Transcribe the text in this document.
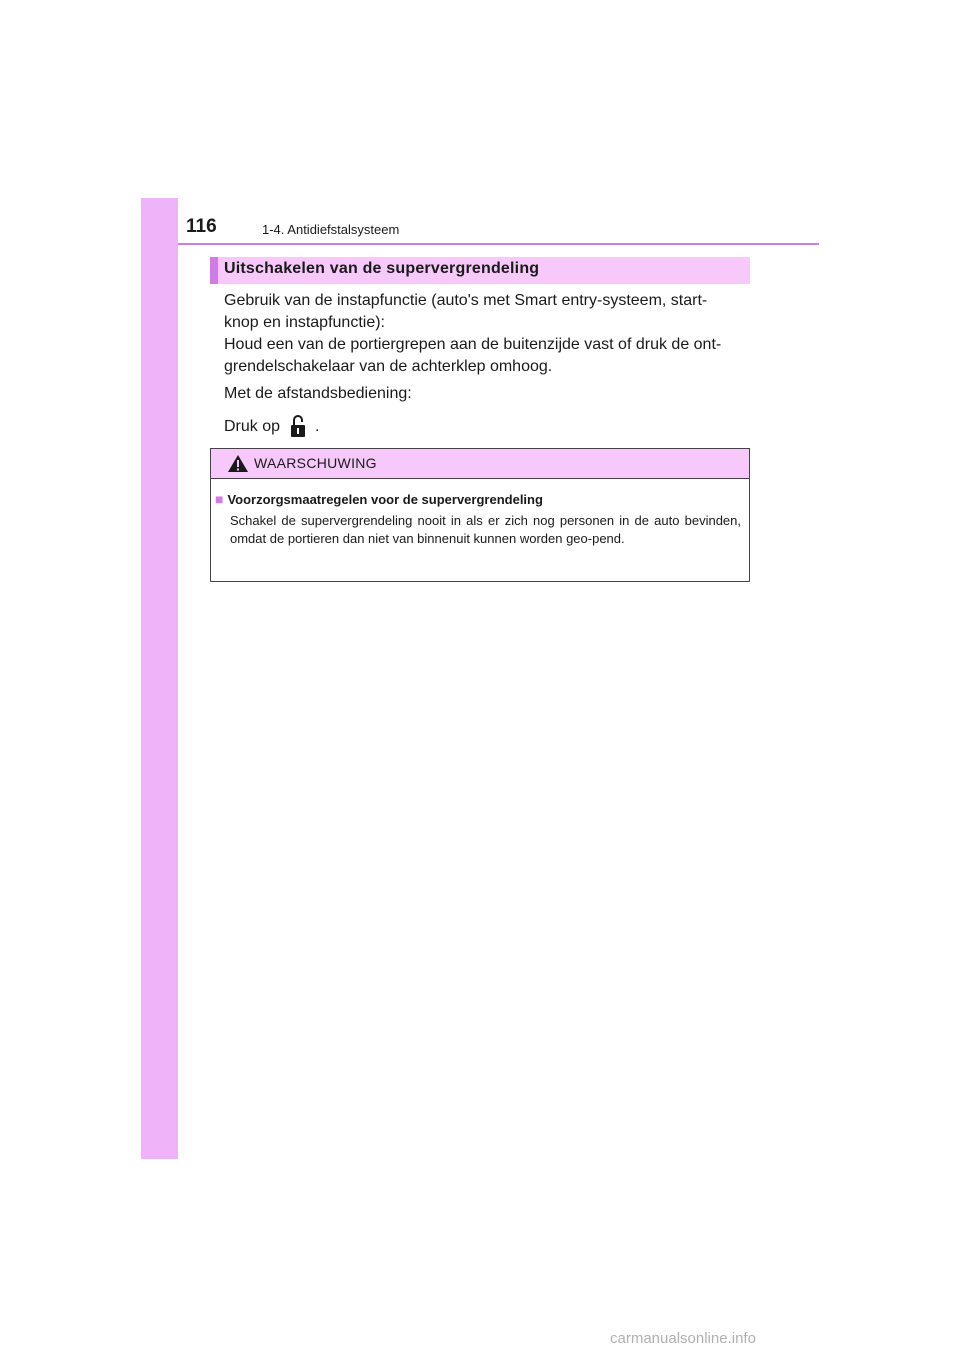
116	1-4. Antidiefstalsysteem
Uitschakelen van de supervergrendeling
Gebruik van de instapfunctie (auto's met Smart entry-systeem, start-
knop en instapfunctie):
Houd een van de portiergrepen aan de buitenzijde vast of druk de ont-
grendelschakelaar van de achterklep omhoog.
Met de afstandsbediening:
Druk op .
WAARSCHUWING
■ Voorzorgsmaatregelen voor de supervergrendeling
Schakel de supervergrendeling nooit in als er zich nog personen in de auto bevinden, omdat de portieren dan niet van binnenuit kunnen worden geo-pend.
carmanualsonline.info
